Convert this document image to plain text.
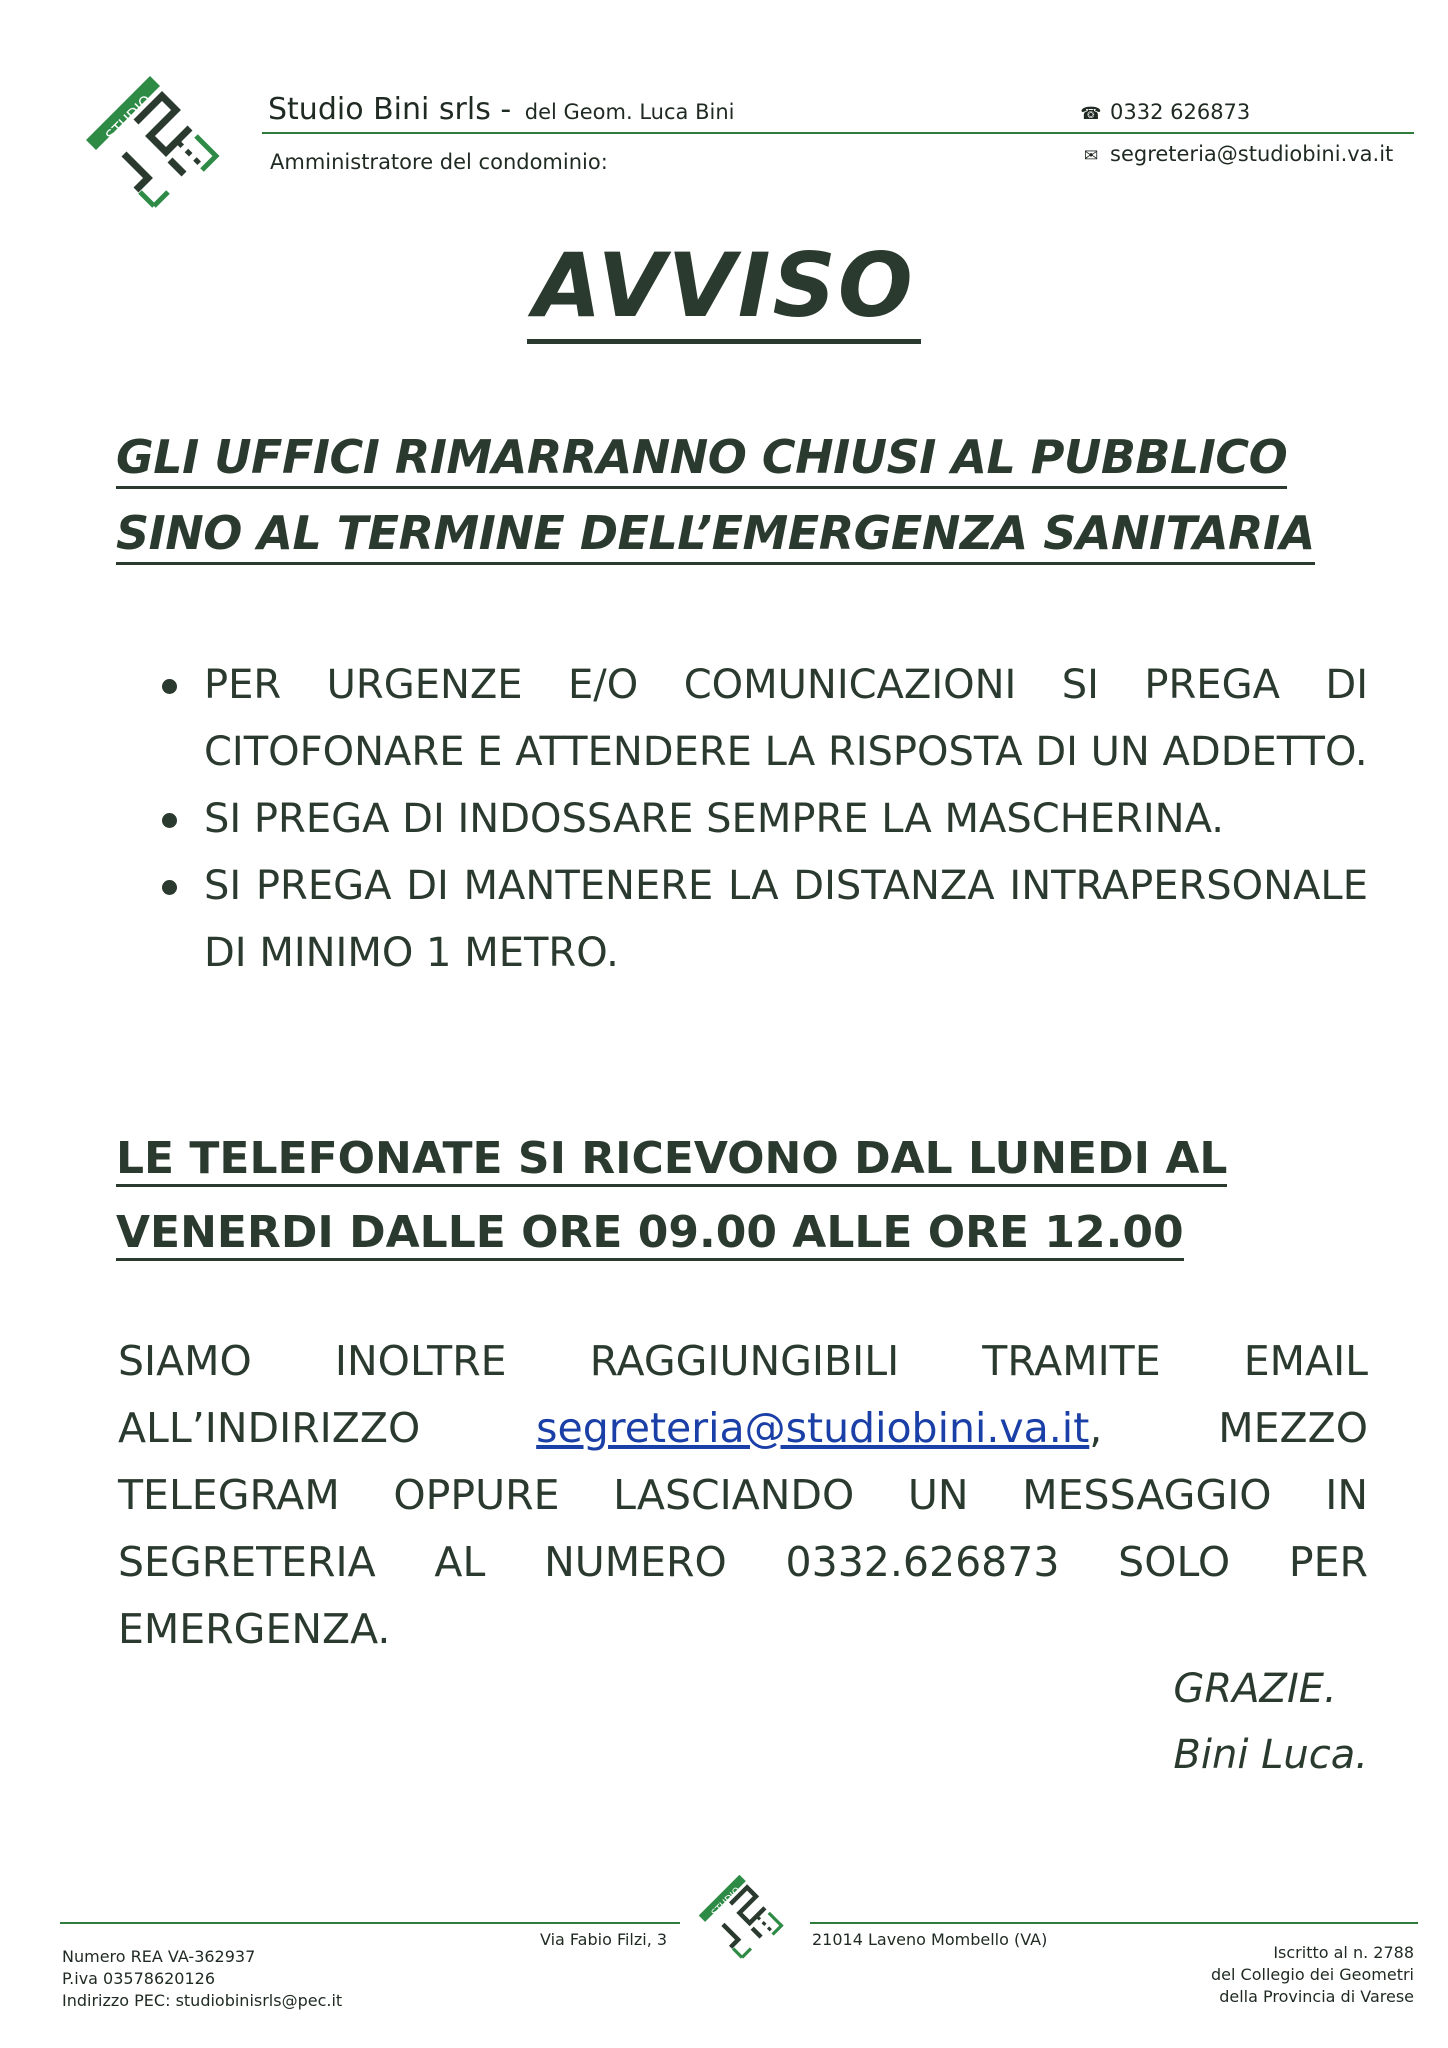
STUDIO	Studio Bini srls - del Geom. Luca Bini
Amministratore del condominio:
☎ 0332 626873
✉ segreteria@studiobini.va.it
AVVISO
GLI UFFICI RIMARRANNO CHIUSI AL PUBBLICO
SINO AL TERMINE DELL’EMERGENZA SANITARIA
PER URGENZE E/O COMUNICAZIONI SI PREGA DI CITOFONARE E ATTENDERE LA RISPOSTA DI UN ADDETTO.
SI PREGA DI INDOSSARE SEMPRE LA MASCHERINA.
SI PREGA DI MANTENERE LA DISTANZA INTRAPERSONALE DI MINIMO 1 METRO.
LE TELEFONATE SI RICEVONO DAL LUNEDI AL
VENERDI DALLE ORE 09.00 ALLE ORE 12.00
SIAMO INOLTRE RAGGIUNGIBILI TRAMITE EMAIL ALL’INDIRIZZO segreteria@studiobini.va.it, MEZZO TELEGRAM OPPURE LASCIANDO UN MESSAGGIO IN SEGRETERIA AL NUMERO 0332.626873 SOLO PER EMERGENZA.
GRAZIE.
Bini Luca.
STUDIO
Via Fabio Filzi, 3	21014 Laveno Mombello (VA)
Numero REA VA-362937
P.iva 03578620126
Indirizzo PEC: studiobinisrls@pec.it
Iscritto al n. 2788
del Collegio dei Geometri
della Provincia di Varese
